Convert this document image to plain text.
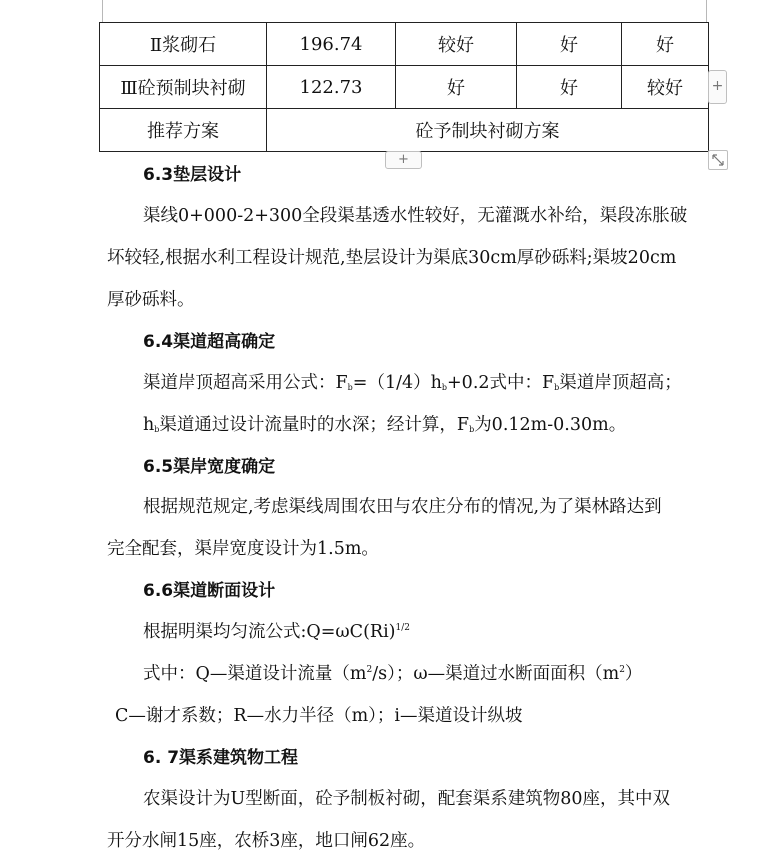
Ⅱ浆砌石	196.74	较好	好	好
Ⅲ砼预制块衬砌	122.73	好	好	较好
推荐方案	砼予制块衬砌方案			
+
+
6.3垫层设计
渠线0+000-2+300全段渠基透水性较好，无灌溉水补给，渠段冻胀破
坏较轻,根据水利工程设计规范,垫层设计为渠底30cm厚砂砾料;渠坡20cm
厚砂砾料。
6.4渠道超高确定
渠道岸顶超高采用公式：$F_b=(1/4)h_b+0.2$式中：$F_b$渠道岸顶超高；
$h_b$渠道通过设计流量时的水深；经计算，$F_b$为0.12m-0.30m。
6.5渠岸宽度确定
根据规范规定,考虑渠线周围农田与农庄分布的情况,为了渠林路达到
完全配套，渠岸宽度设计为1.5m。
6.6渠道断面设计
根据明渠均匀流公式$:Q=\omega C(Ri)^{1/2}$
式中：Q—渠道设计流量$(m^2/s)$；ω—渠道过水断面面积$(m^2)$
C—谢才系数；R—水力半径（m）；i—渠道设计纵坡
6. 7渠系建筑物工程
农渠设计为U型断面，砼予制板衬砌，配套渠系建筑物80座，其中双
开分水闸15座，农桥3座，地口闸62座。
